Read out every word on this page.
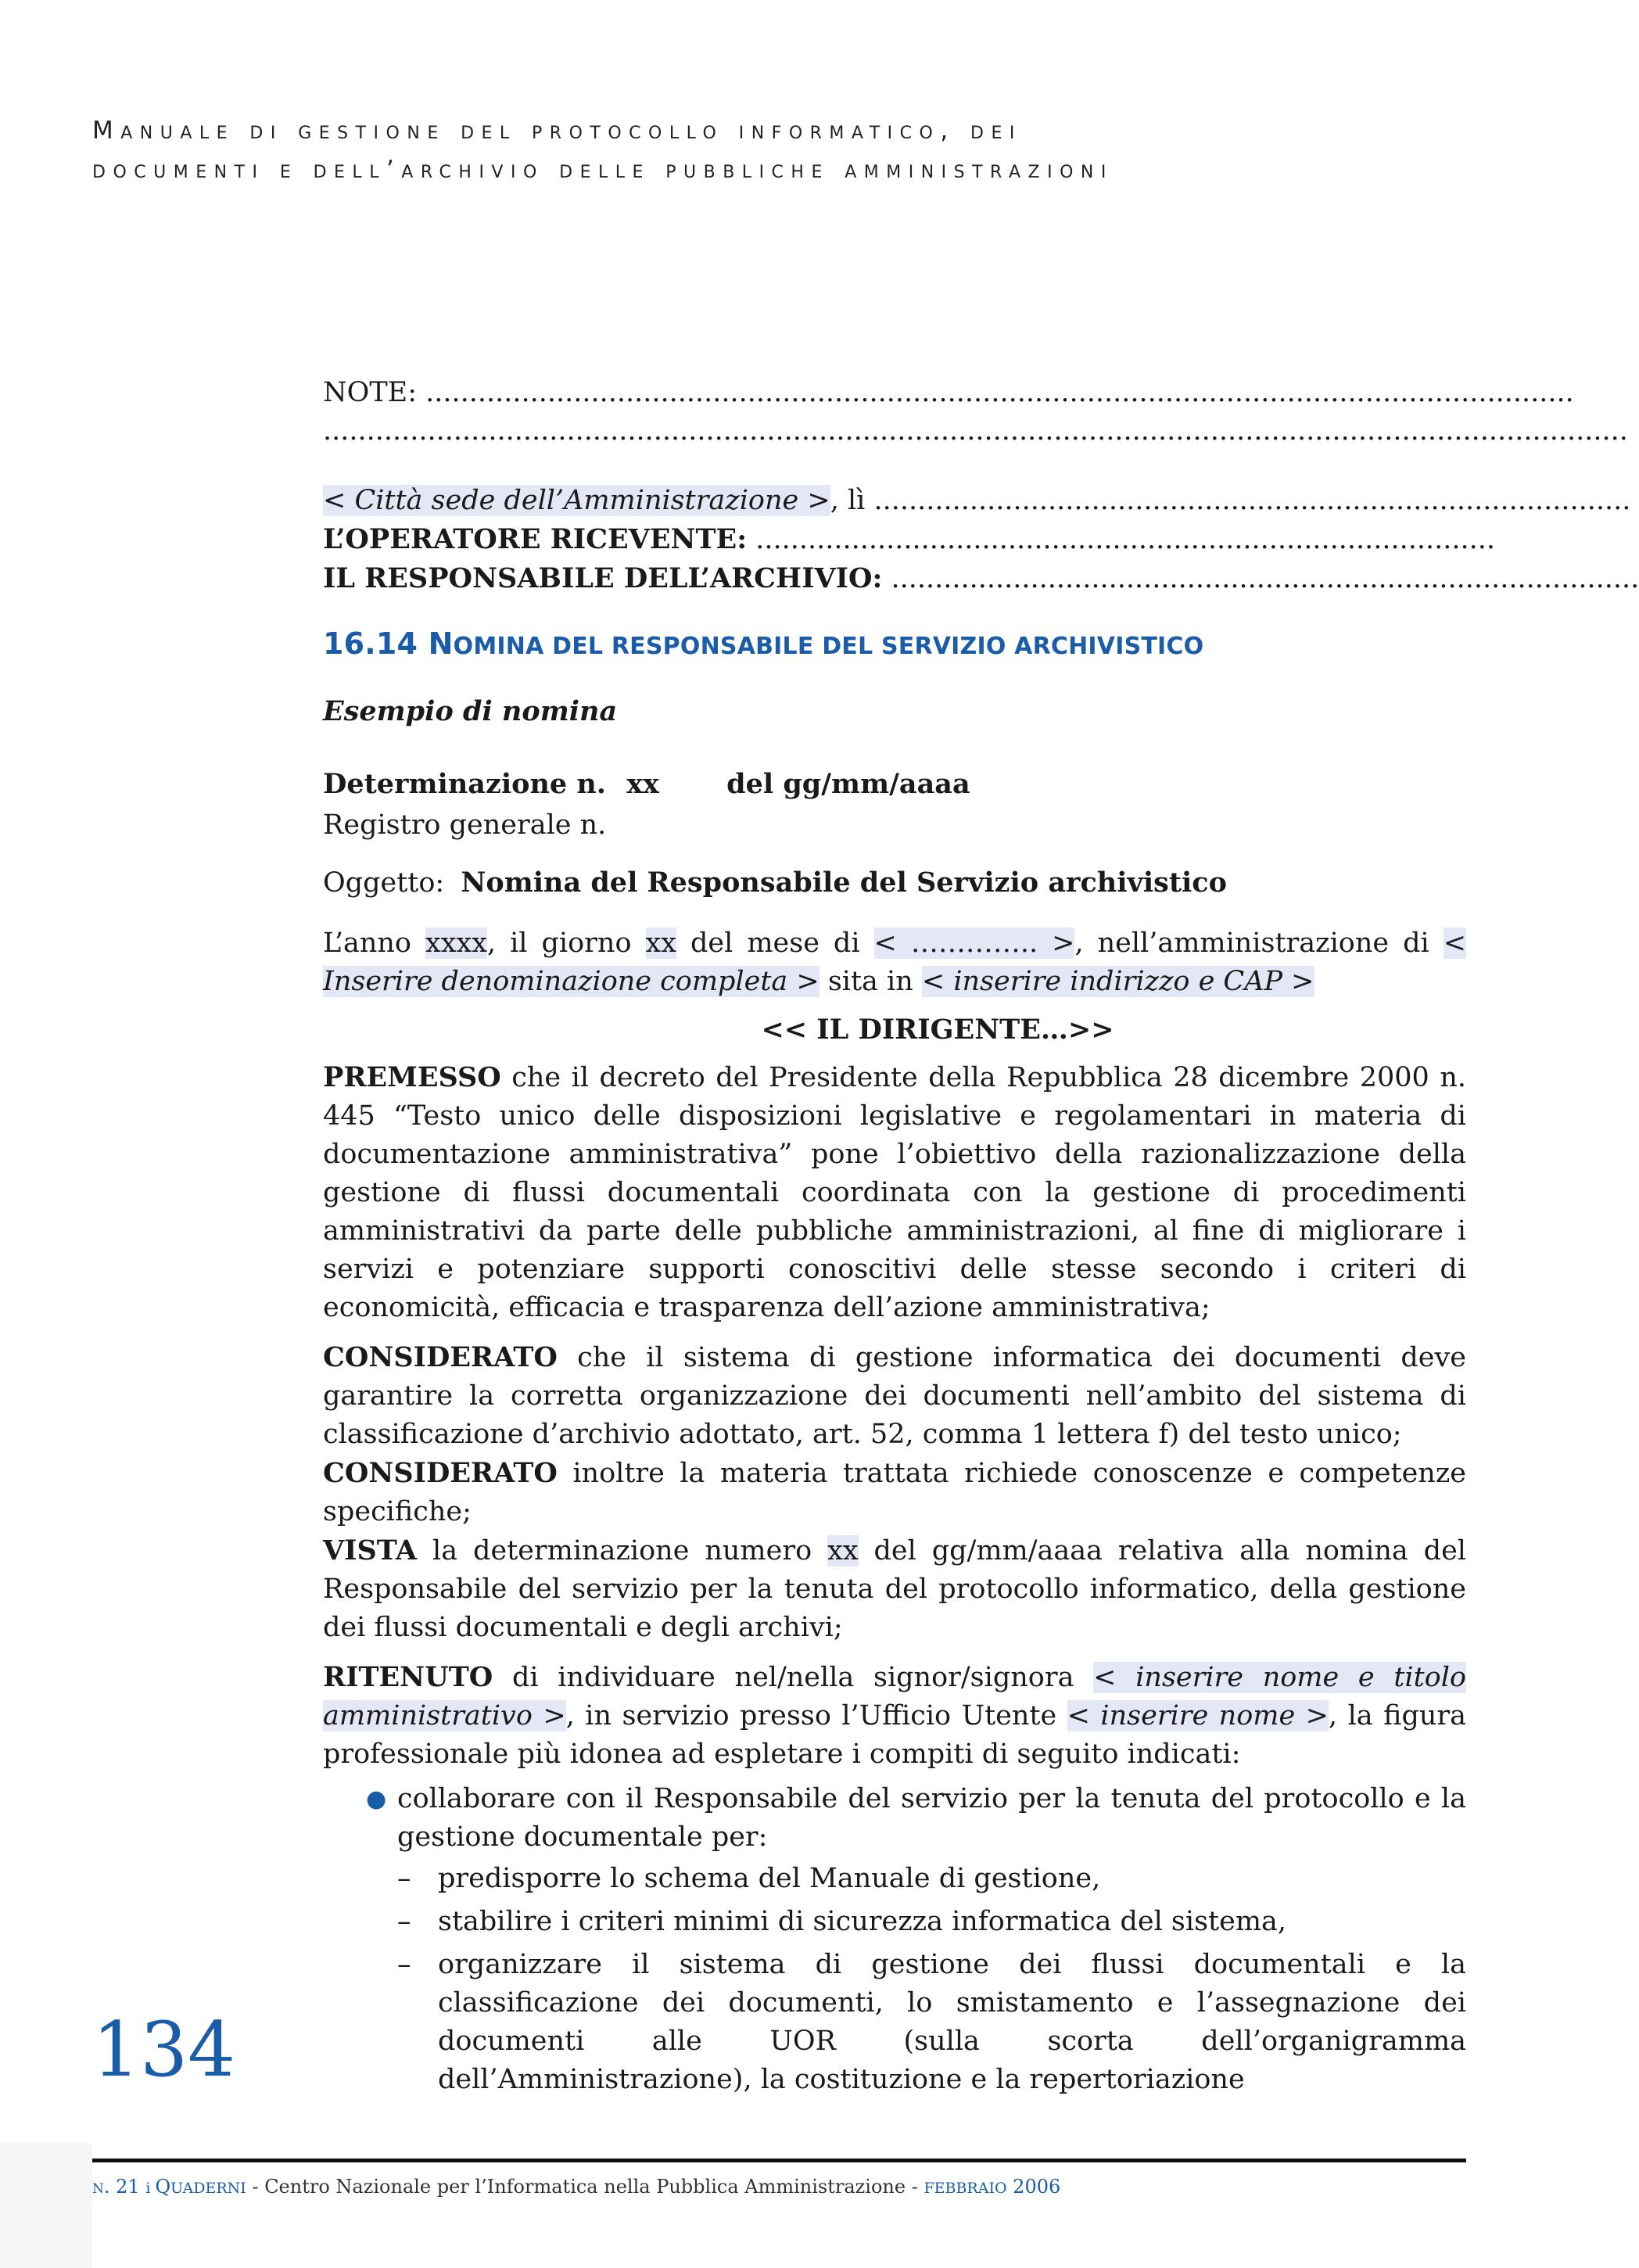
Manuale di gestione del protocollo informatico, dei
documenti e dell’archivio delle pubbliche amministrazioni
NOTE: ....................................................................................................................................
......................................................................................................................................................
< Città sede dell’Amministrazione >, lì .......................................................................................
L’OPERATORE RICEVENTE: .....................................................................................
IL RESPONSABILE DELL’ARCHIVIO: ......................................................................................
16.14 NOMINA DEL RESPONSABILE DEL SERVIZIO ARCHIVISTICO
Esempio di nomina
Determinazione n. xx del gg/mm/aaaa
Registro generale n.
Oggetto: Nomina del Responsabile del Servizio archivistico
L’anno xxxx, il giorno xx del mese di < ………….. >, nell’amministrazione di < Inserire denominazione completa > sita in < inserire indirizzo e CAP >
<< IL DIRIGENTE…>>
PREMESSO che il decreto del Presidente della Repubblica 28 dicembre 2000 n. 445 “Testo unico delle disposizioni legislative e regolamentari in materia di documentazione amministrativa” pone l’obiettivo della razionalizzazione della gestione di flussi documentali coordinata con la gestione di procedimenti amministrativi da parte delle pubbliche amministrazioni, al fine di migliorare i servizi e potenziare supporti conoscitivi delle stesse secondo i criteri di economicità, efficacia e trasparenza dell’azione amministrativa;
CONSIDERATO che il sistema di gestione informatica dei documenti deve garantire la corretta organizzazione dei documenti nell’ambito del sistema di classificazione d’archivio adottato, art. 52, comma 1 lettera f) del testo unico;
CONSIDERATO inoltre la materia trattata richiede conoscenze e competenze specifiche;
VISTA la determinazione numero xx del gg/mm/aaaa relativa alla nomina del Responsabile del servizio per la tenuta del protocollo informatico, della gestione dei flussi documentali e degli archivi;
RITENUTO di individuare nel/nella signor/signora < inserire nome e titolo amministrativo >, in servizio presso l’Ufficio Utente < inserire nome >, la figura professionale più idonea ad espletare i compiti di seguito indicati:
● collaborare con il Responsabile del servizio per la tenuta del protocollo e la gestione documentale per:
– predisporre lo schema del Manuale di gestione,
– stabilire i criteri minimi di sicurezza informatica del sistema,
– organizzare il sistema di gestione dei flussi documentali e la classificazione dei documenti, lo smistamento e l’assegnazione dei documenti alle UOR (sulla scorta dell’organigramma dell’Amministrazione), la costituzione e la repertoriazione
134
n. 21 i QUADERNI - Centro Nazionale per l’Informatica nella Pubblica Amministrazione - FEBBRAIO 2006
